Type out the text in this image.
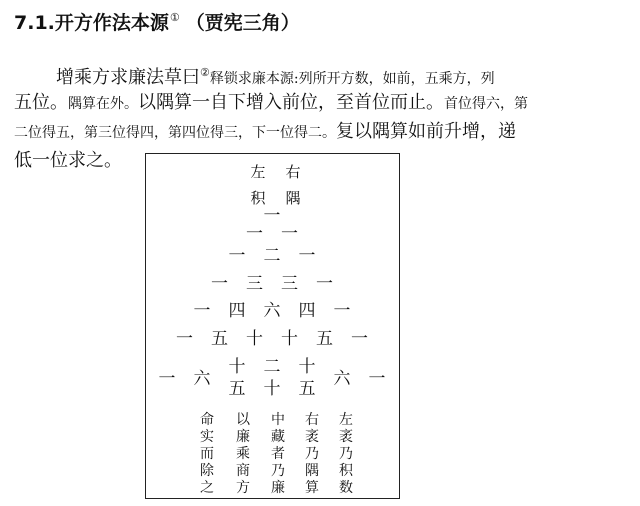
7.1.开方作法本源① （贾宪三角）
增乘方求廉法草曰②释锁求廉本源:列所开方数，如前，五乘方，列
五位。隅算在外。以隅算一自下增入前位，至首位而止。首位得六，第
二位得五，第三位得四，第四位得三，下一位得二。复以隅算如前升增，递
低一位求之。
左
积
右
隅
一
一 一
一 二 一
一 三 三 一
一 四 六 四 一
一 五 十 十 五 一
一 六
十
五
二
十
十
五 六 一
命实而除之
以廉乘商方
中藏者乃廉
右袤乃隅算
左袤乃积数
